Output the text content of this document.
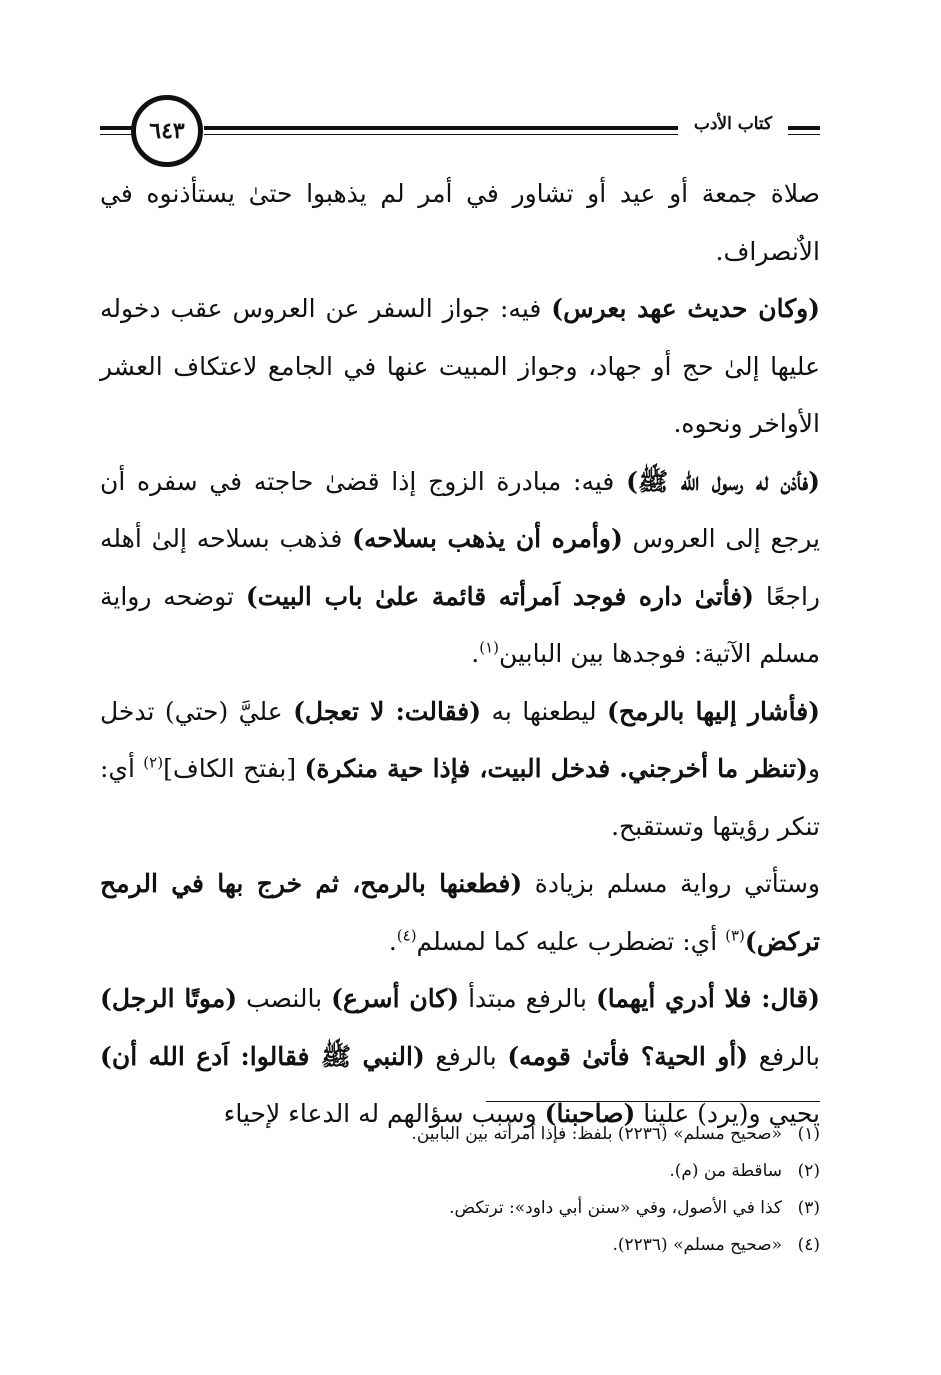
٦٤٣	كتاب الأدب

صلاة جمعة أو عيد أو تشاور في أمر لم يذهبوا حتىٰ يستأذنوه في الاٌنصراف.

(وكان حديث عهد بعرس) فيه: جواز السفر عن العروس عقب دخوله عليها إلىٰ حج أو جهاد، وجواز المبيت عنها في الجامع لاعتكاف العشر الأواخر ونحوه.

(فأذن له رسول الله ﷺ) فيه: مبادرة الزوج إذا قضىٰ حاجته في سفره أن يرجع إلى العروس (وأمره أن يذهب بسلاحه) فذهب بسلاحه إلىٰ أهله راجعًا (فأتىٰ داره فوجد اَمرأته قائمة علىٰ باب البيت) توضحه رواية مسلم الآتية: فوجدها بين البابين$^{(١)}$.

(فأشار إليها بالرمح) ليطعنها به (فقالت: لا تعجل) عليَّ (حتي) تدخل و(تنظر ما أخرجني. فدخل البيت، فإذا حية منكرة) [بفتح الكاف]$^{(٢)}$ أي: تنكر رؤيتها وتستقبح.

وستأتي رواية مسلم بزيادة (فطعنها بالرمح، ثم خرج بها في الرمح تركض)$^{(٣)}$ أي: تضطرب عليه كما لمسلم$^{(٤)}$.

(قال: فلا أدري أيهما) بالرفع مبتدأ (كان أسرع) بالنصب (موتًا الرجل) بالرفع (أو الحية؟ فأتىٰ قومه) بالرفع (النبي ﷺ فقالوا: اَدع الله أن) يحيي و(يرد) علينا (صاحبنا) وسبب سؤالهم له الدعاء لإحياء

(١)«صحيح مسلم» (٢٢٣٦) بلفظ: فإذا اَمرأته بين البابين.
(٢)ساقطة من (م).
(٣)كذا في الأصول، وفي «سنن أبي داود»: ترتكض.
(٤)«صحيح مسلم» (٢٢٣٦).
